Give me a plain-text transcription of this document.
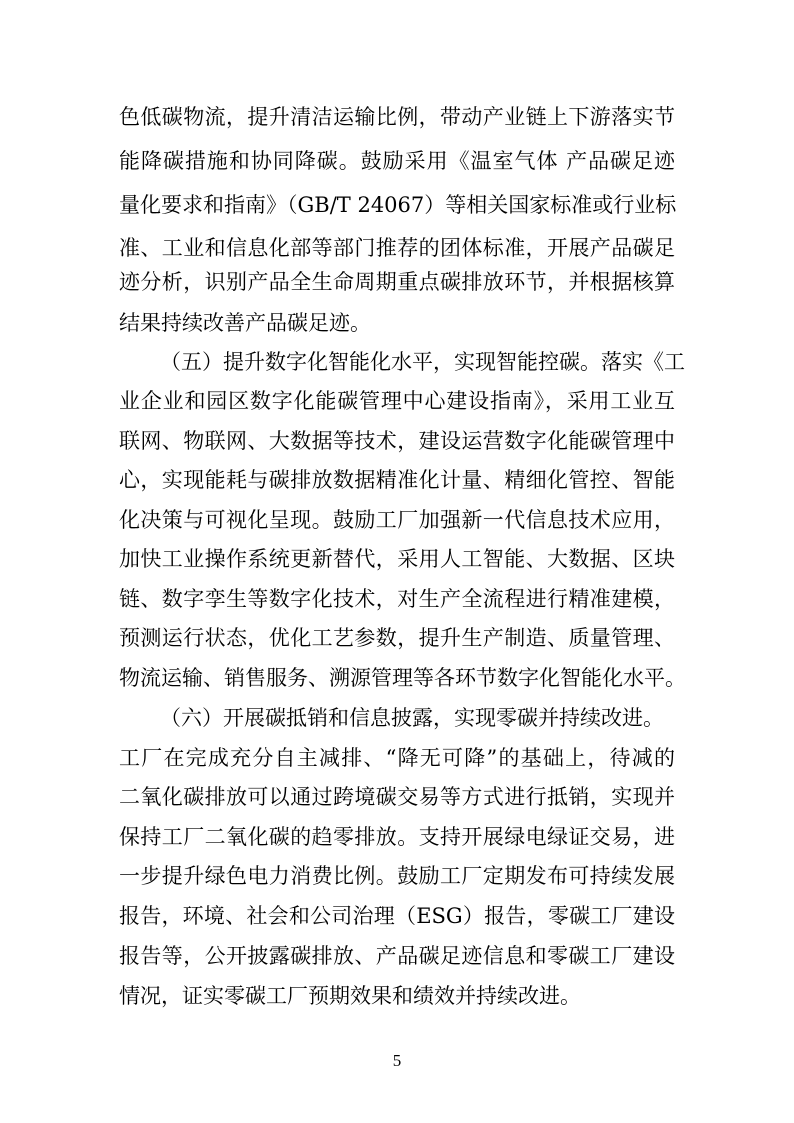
色低碳物流，提升清洁运输比例，带动产业链上下游落实节
能降碳措施和协同降碳。鼓励采用《温室气体 产品碳足迹
量化要求和指南》（GB/T 24067）等相关国家标准或行业标
准、工业和信息化部等部门推荐的团体标准，开展产品碳足
迹分析，识别产品全生命周期重点碳排放环节，并根据核算
结果持续改善产品碳足迹。
（五）提升数字化智能化水平，实现智能控碳。落实《工
业企业和园区数字化能碳管理中心建设指南》，采用工业互
联网、物联网、大数据等技术，建设运营数字化能碳管理中
心，实现能耗与碳排放数据精准化计量、精细化管控、智能
化决策与可视化呈现。鼓励工厂加强新一代信息技术应用，
加快工业操作系统更新替代，采用人工智能、大数据、区块
链、数字孪生等数字化技术，对生产全流程进行精准建模，
预测运行状态，优化工艺参数，提升生产制造、质量管理、
物流运输、销售服务、溯源管理等各环节数字化智能化水平。
（六）开展碳抵销和信息披露，实现零碳并持续改进。
工厂在完成充分自主减排、“降无可降”的基础上，待减的
二氧化碳排放可以通过跨境碳交易等方式进行抵销，实现并
保持工厂二氧化碳的趋零排放。支持开展绿电绿证交易，进
一步提升绿色电力消费比例。鼓励工厂定期发布可持续发展
报告，环境、社会和公司治理（ESG）报告，零碳工厂建设
报告等，公开披露碳排放、产品碳足迹信息和零碳工厂建设
情况，证实零碳工厂预期效果和绩效并持续改进。
5
